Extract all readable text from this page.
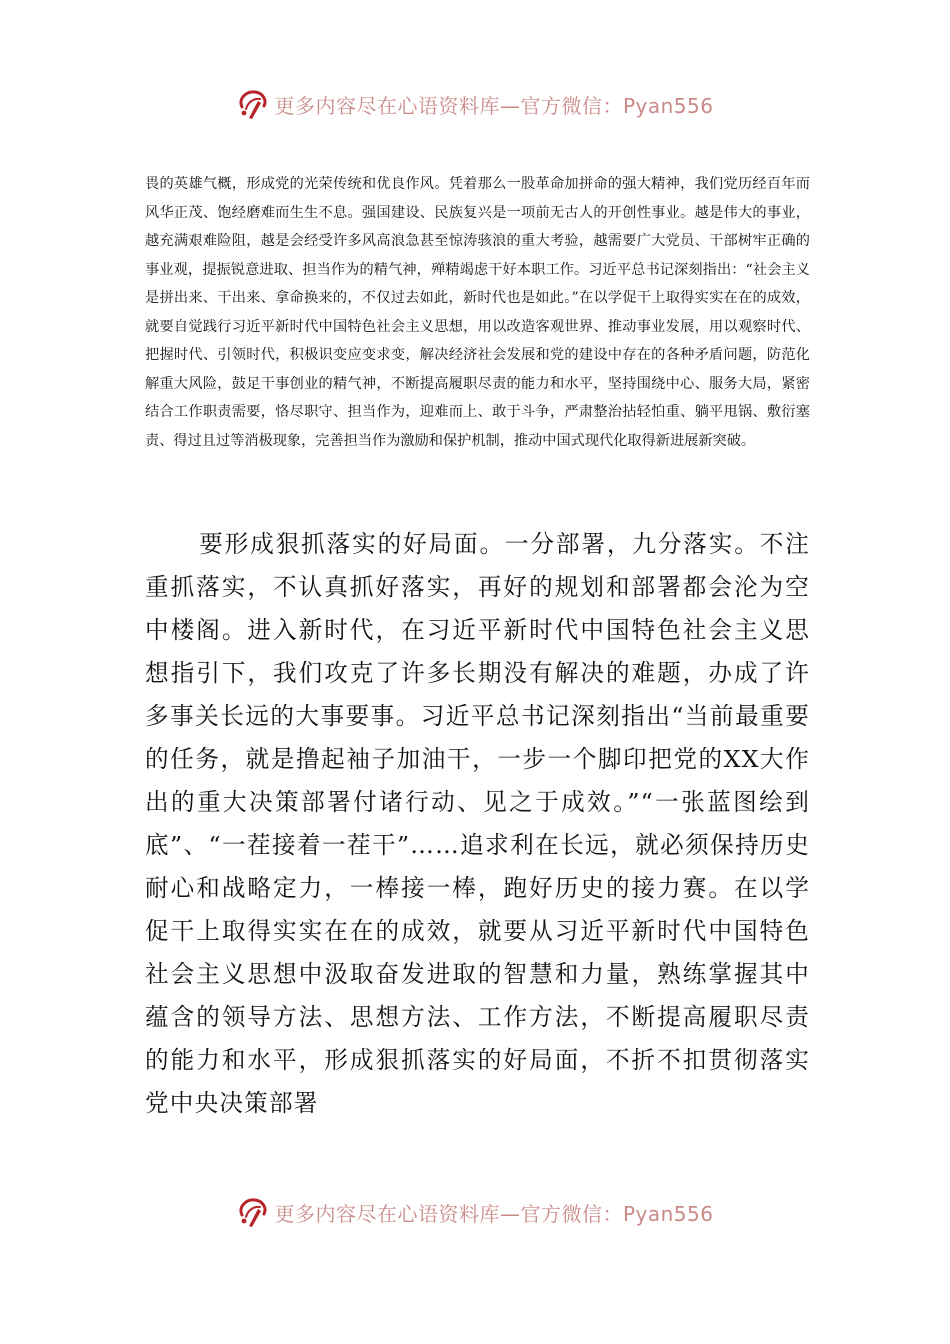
更多内容尽在心语资料库—官方微信：Pyan556

畏的英雄气概，形成党的光荣传统和优良作风。凭着那么一股革命加拼命的强大精神，我们党历经百年而风华正茂、饱经磨难而生生不息。强国建设、民族复兴是一项前无古人的开创性事业。越是伟大的事业，越充满艰难险阻，越是会经受许多风高浪急甚至惊涛骇浪的重大考验，越需要广大党员、干部树牢正确的事业观，提振锐意进取、担当作为的精气神，殚精竭虑干好本职工作。习近平总书记深刻指出：“社会主义是拼出来、干出来、拿命换来的，不仅过去如此，新时代也是如此。”在以学促干上取得实实在在的成效，就要自觉践行习近平新时代中国特色社会主义思想，用以改造客观世界、推动事业发展，用以观察时代、把握时代、引领时代，积极识变应变求变，解决经济社会发展和党的建设中存在的各种矛盾问题，防范化解重大风险，鼓足干事创业的精气神，不断提高履职尽责的能力和水平，坚持围绕中心、服务大局，紧密结合工作职责需要，恪尽职守、担当作为，迎难而上、敢于斗争，严肃整治拈轻怕重、躺平甩锅、敷衍塞责、得过且过等消极现象，完善担当作为激励和保护机制，推动中国式现代化取得新进展新突破。

要形成狠抓落实的好局面。一分部署，九分落实。不注重抓落实，不认真抓好落实，再好的规划和部署都会沦为空中楼阁。进入新时代，在习近平新时代中国特色社会主义思想指引下，我们攻克了许多长期没有解决的难题，办成了许多事关长远的大事要事。习近平总书记深刻指出“当前最重要的任务，就是撸起袖子加油干，一步一个脚印把党的XX大作出的重大决策部署付诸行动、见之于成效。”“一张蓝图绘到底”、“一茬接着一茬干”……追求利在长远，就必须保持历史耐心和战略定力，一棒接一棒，跑好历史的接力赛。在以学促干上取得实实在在的成效，就要从习近平新时代中国特色社会主义思想中汲取奋发进取的智慧和力量，熟练掌握其中蕴含的领导方法、思想方法、工作方法，不断提高履职尽责的能力和水平，形成狠抓落实的好局面，不折不扣贯彻落实党中央决策部署

更多内容尽在心语资料库—官方微信：Pyan556
